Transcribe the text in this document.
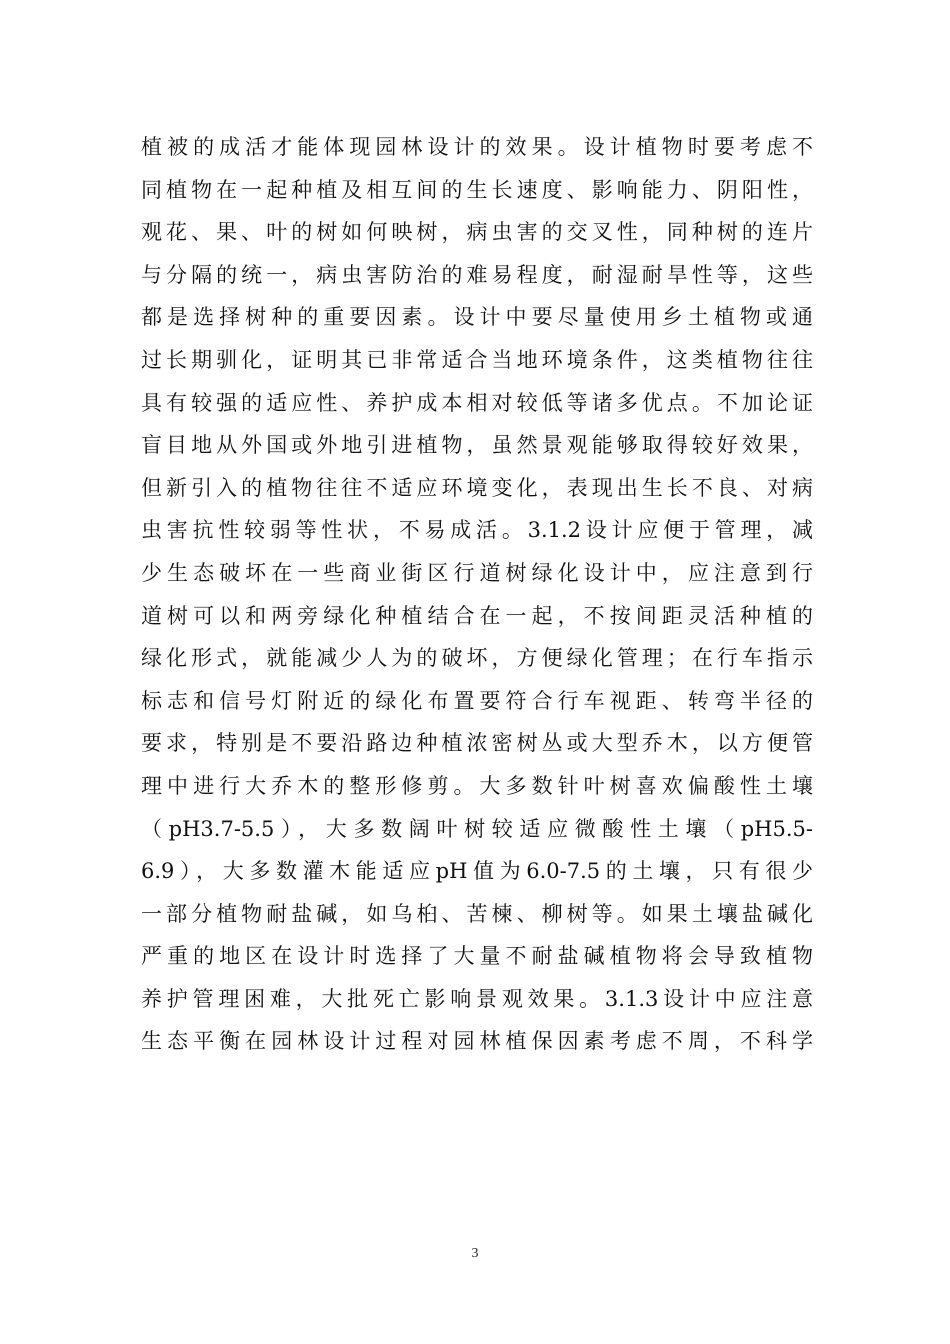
植被的成活才能体现园林设计的效果。设计植物时要考虑不
同植物在一起种植及相互间的生长速度、影响能力、阴阳性，
观花、果、叶的树如何映树，病虫害的交叉性，同种树的连片
与分隔的统一，病虫害防治的难易程度，耐湿耐旱性等，这些
都是选择树种的重要因素。设计中要尽量使用乡土植物或通
过长期驯化，证明其已非常适合当地环境条件，这类植物往往
具有较强的适应性、养护成本相对较低等诸多优点。不加论证
盲目地从外国或外地引进植物，虽然景观能够取得较好效果，
但新引入的植物往往不适应环境变化，表现出生长不良、对病
虫害抗性较弱等性状，不易成活。3.1.2设计应便于管理，减
少生态破坏在一些商业街区行道树绿化设计中，应注意到行
道树可以和两旁绿化种植结合在一起，不按间距灵活种植的
绿化形式，就能减少人为的破坏，方便绿化管理；在行车指示
标志和信号灯附近的绿化布置要符合行车视距、转弯半径的
要求，特别是不要沿路边种植浓密树丛或大型乔木，以方便管
理中进行大乔木的整形修剪。大多数针叶树喜欢偏酸性土壤
（pH3.7-5.5），大多数阔叶树较适应微酸性土壤（pH5.5-
6.9），大多数灌木能适应pH值为6.0-7.5的土壤，只有很少
一部分植物耐盐碱，如乌桕、苦楝、柳树等。如果土壤盐碱化
严重的地区在设计时选择了大量不耐盐碱植物将会导致植物
养护管理困难，大批死亡影响景观效果。3.1.3设计中应注意
生态平衡在园林设计过程对园林植保因素考虑不周，不科学
3
